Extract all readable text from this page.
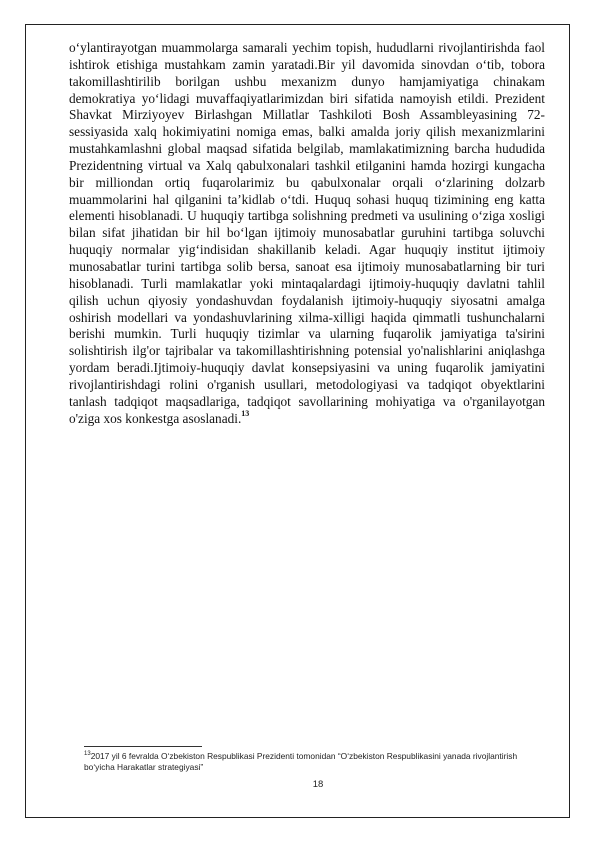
o‘ylantirayotgan muammolarga samarali yechim topish, hududlarni rivojlantirishda faol ishtirok etishiga mustahkam zamin yaratadi.Bir yil davomida sinovdan o‘tib, tobora takomillashtirilib borilgan ushbu mexanizm dunyo hamjamiyatiga chinakam demokratiya yo‘lidagi muvaffaqiyatlarimizdan biri sifatida namoyish etildi. Prezident Shavkat Mirziyoyev Birlashgan Millatlar Tashkiloti Bosh Assambleyasining 72-sessiyasida xalq hokimiyatini nomiga emas, balki amalda joriy qilish mexanizmlarini mustahkamlashni global maqsad sifatida belgilab, mamlakatimizning barcha hududida Prezidentning virtual va Xalq qabulxonalari tashkil etilganini hamda hozirgi kungacha bir milliondan ortiq fuqarolarimiz bu qabulxonalar orqali o‘zlarining dolzarb muammolarini hal qilganini ta’kidlab o‘tdi. Huquq sohasi huquq tizimining eng katta elementi hisoblanadi. U huquqiy tartibga solishning predmeti va usulining o‘ziga xosligi bilan sifat jihatidan bir hil bo‘lgan ijtimoiy munosabatlar guruhini tartibga soluvchi huquqiy normalar yig‘indisidan shakillanib keladi. Agar huquqiy institut ijtimoiy munosabatlar turini tartibga solib bersa, sanoat esa ijtimoiy munosabatlarning bir turi hisoblanadi. Turli mamlakatlar yoki mintaqalardagi ijtimoiy-huquqiy davlatni tahlil qilish uchun qiyosiy yondashuvdan foydalanish ijtimoiy-huquqiy siyosatni amalga oshirish modellari va yondashuvlarining xilma-xilligi haqida qimmatli tushunchalarni berishi mumkin. Turli huquqiy tizimlar va ularning fuqarolik jamiyatiga ta'sirini solishtirish ilg'or tajribalar va takomillashtirishning potensial yo'nalishlarini aniqlashga yordam beradi.Ijtimoiy-huquqiy davlat konsepsiyasini va uning fuqarolik jamiyatini rivojlantirishdagi rolini o'rganish usullari, metodologiyasi va tadqiqot obyektlarini tanlash tadqiqot maqsadlariga, tadqiqot savollarining mohiyatiga va o'rganilayotgan o'ziga xos konkestga asoslanadi.$^{13}$

$^{13}$2017 yil 6 fevralda O‘zbekiston Respublikasi Prezidenti tomonidan “O‘zbekiston Respublikasini yanada rivojlantirish bo‘yicha Harakatlar strategiyasi”

18
